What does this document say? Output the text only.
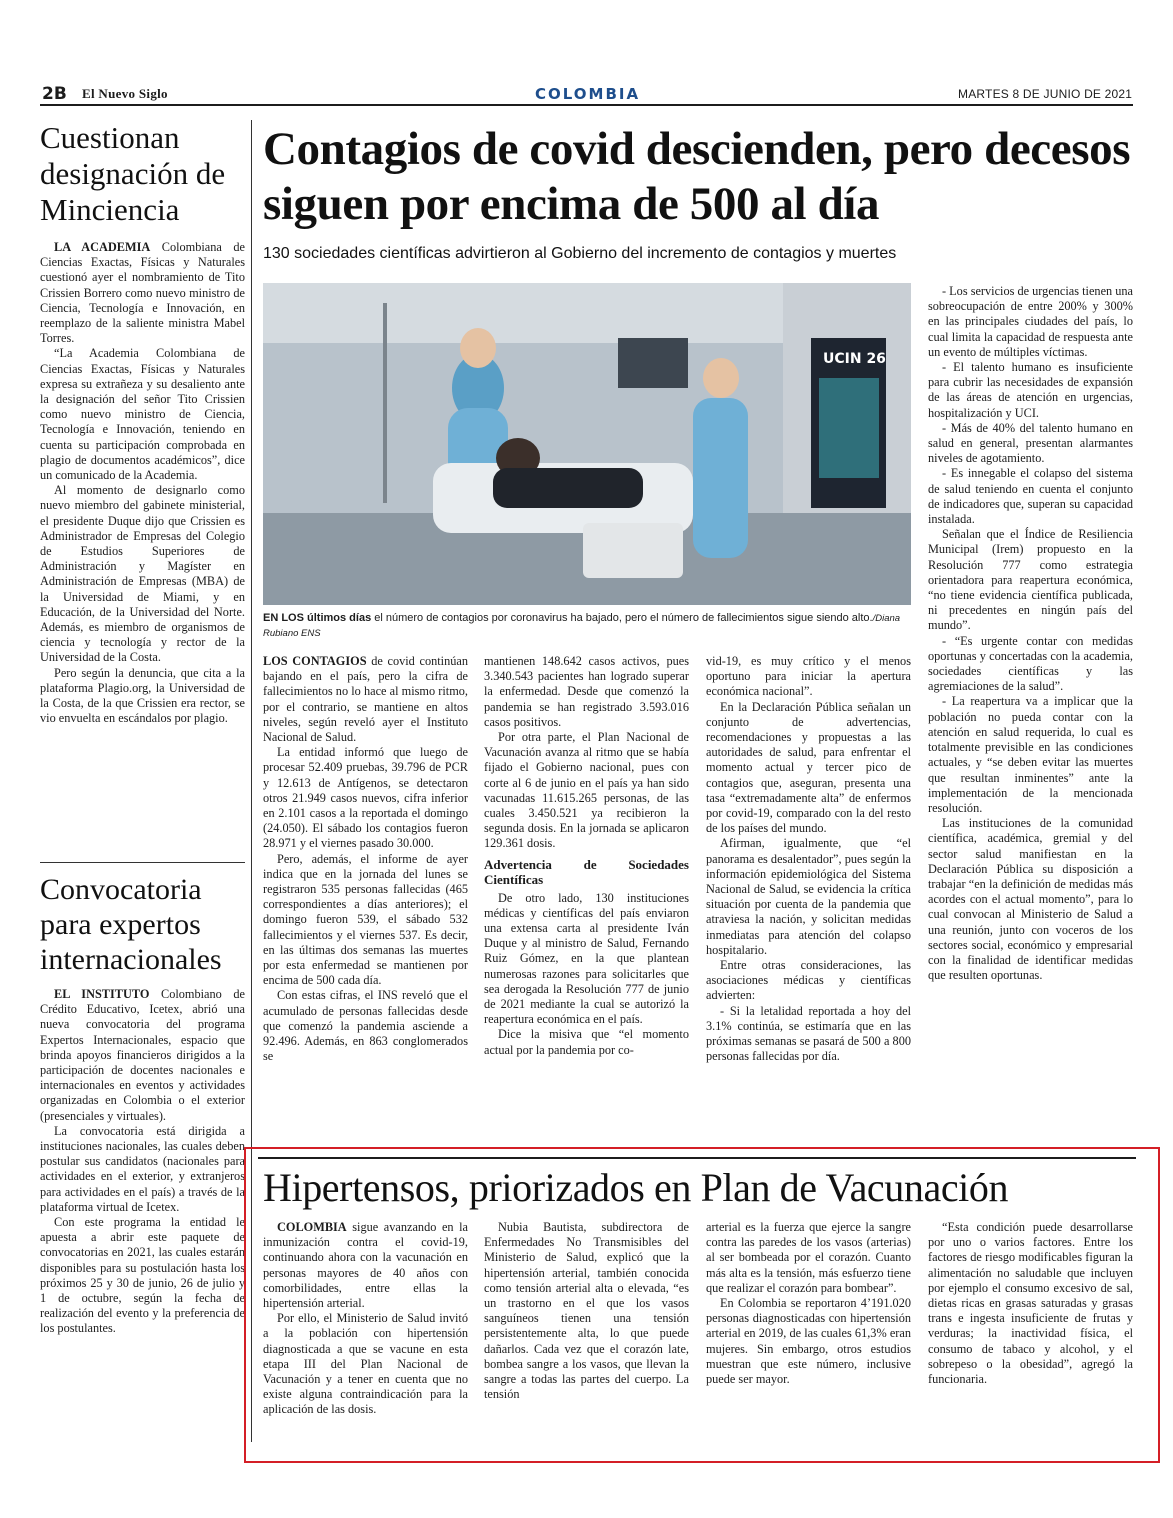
2B El Nuevo Siglo	COLOMBIA	MARTES 8 DE JUNIO DE 2021
Cuestionan designación de Minciencia

LA ACADEMIA Colombiana de Ciencias Exactas, Físicas y Naturales cuestionó ayer el nombramiento de Tito Crissien Borrero como nuevo ministro de Ciencia, Tecnología e Innovación, en reemplazo de la saliente ministra Mabel Torres.

“La Academia Colombiana de Ciencias Exactas, Físicas y Naturales expresa su extrañeza y su desaliento ante la designación del señor Tito Crissien como nuevo ministro de Ciencia, Tecnología e Innovación, teniendo en cuenta su participación comprobada en plagio de documentos académicos”, dice un comunicado de la Academia.

Al momento de designarlo como nuevo miembro del gabinete ministerial, el presidente Duque dijo que Crissien es Administrador de Empresas del Colegio de Estudios Superiores de Administración y Magíster en Administración de Empresas (MBA) de la Universidad de Miami, y en Educación, de la Universidad del Norte. Además, es miembro de organismos de ciencia y tecnología y rector de la Universidad de la Costa.

Pero según la denuncia, que cita a la plataforma Plagio.org, la Universidad de la Costa, de la que Crissien era rector, se vio envuelta en escándalos por plagio.

Convocatoria para expertos internacionales

EL INSTITUTO Colombiano de Crédito Educativo, Icetex, abrió una nueva convocatoria del programa Expertos Internacionales, espacio que brinda apoyos financieros dirigidos a la participación de docentes nacionales e internacionales en eventos y actividades organizadas en Colombia o el exterior (presenciales y virtuales).

La convocatoria está dirigida a instituciones nacionales, las cuales deben postular sus candidatos (nacionales para actividades en el exterior, y extranjeros para actividades en el país) a través de la plataforma virtual de Icetex.

Con este programa la entidad le apuesta a abrir este paquete de convocatorias en 2021, las cuales estarán disponibles para su postulación hasta los próximos 25 y 30 de junio, 26 de julio y 1 de octubre, según la fecha de realización del evento y la preferencia de los postulantes.

Contagios de covid descienden, pero decesos siguen por encima de 500 al día
130 sociedades científicas advirtieron al Gobierno del incremento de contagios y muertes
UCIN 26
EN LOS últimos días el número de contagios por coronavirus ha bajado, pero el número de fallecimientos sigue siendo alto./Diana Rubiano ENS

LOS CONTAGIOS de covid continúan bajando en el país, pero la cifra de fallecimientos no lo hace al mismo ritmo, por el contrario, se mantiene en altos niveles, según reveló ayer el Instituto Nacional de Salud.

La entidad informó que luego de procesar 52.409 pruebas, 39.796 de PCR y 12.613 de Antígenos, se detectaron otros 21.949 casos nuevos, cifra inferior en 2.101 casos a la reportada el domingo (24.050). El sábado los contagios fueron 28.971 y el viernes pasado 30.000.

Pero, además, el informe de ayer indica que en la jornada del lunes se registraron 535 personas fallecidas (465 correspondientes a días anteriores); el domingo fueron 539, el sábado 532 fallecimientos y el viernes 537. Es decir, en las últimas dos semanas las muertes por esta enfermedad se mantienen por encima de 500 cada día.

Con estas cifras, el INS reveló que el acumulado de personas fallecidas desde que comenzó la pandemia asciende a 92.496. Además, en 863 conglomerados se

mantienen 148.642 casos activos, pues 3.340.543 pacientes han logrado superar la enfermedad. Desde que comenzó la pandemia se han registrado 3.593.016 casos positivos.

Por otra parte, el Plan Nacional de Vacunación avanza al ritmo que se había fijado el Gobierno nacional, pues con corte al 6 de junio en el país ya han sido vacunadas 11.615.265 personas, de las cuales 3.450.521 ya recibieron la segunda dosis. En la jornada se aplicaron 129.361 dosis.

Advertencia de Sociedades Científicas

De otro lado, 130 instituciones médicas y científicas del país enviaron una extensa carta al presidente Iván Duque y al ministro de Salud, Fernando Ruiz Gómez, en la que plantean numerosas razones para solicitarles que sea derogada la Resolución 777 de junio de 2021 mediante la cual se autorizó la reapertura económica en el país.

Dice la misiva que “el momento actual por la pandemia por co-

vid-19, es muy crítico y el menos oportuno para iniciar la apertura económica nacional”.

En la Declaración Pública señalan un conjunto de advertencias, recomendaciones y propuestas a las autoridades de salud, para enfrentar el momento actual y tercer pico de contagios que, aseguran, presenta una tasa “extremadamente alta” de enfermos por covid-19, comparado con la del resto de los países del mundo.

Afirman, igualmente, que “el panorama es desalentador”, pues según la información epidemiológica del Sistema Nacional de Salud, se evidencia la crítica situación por cuenta de la pandemia que atraviesa la nación, y solicitan medidas inmediatas para atención del colapso hospitalario.

Entre otras consideraciones, las asociaciones médicas y científicas advierten:

- Si la letalidad reportada a hoy del 3.1% continúa, se estimaría que en las próximas semanas se pasará de 500 a 800 personas fallecidas por día.

- Los servicios de urgencias tienen una sobreocupación de entre 200% y 300% en las principales ciudades del país, lo cual limita la capacidad de respuesta ante un evento de múltiples víctimas.

- El talento humano es insuficiente para cubrir las necesidades de expansión de las áreas de atención en urgencias, hospitalización y UCI.

- Más de 40% del talento humano en salud en general, presentan alarmantes niveles de agotamiento.

- Es innegable el colapso del sistema de salud teniendo en cuenta el conjunto de indicadores que, superan su capacidad instalada.

Señalan que el Índice de Resiliencia Municipal (Irem) propuesto en la Resolución 777 como estrategia orientadora para reapertura económica, “no tiene evidencia científica publicada, ni precedentes en ningún país del mundo”.

- “Es urgente contar con medidas oportunas y concertadas con la academia, sociedades científicas y las agremiaciones de la salud”.

- La reapertura va a implicar que la población no pueda contar con la atención en salud requerida, lo cual es totalmente previsible en las condiciones actuales, y “se deben evitar las muertes que resultan inminentes” ante la implementación de la mencionada resolución.

Las instituciones de la comunidad científica, académica, gremial y del sector salud manifiestan en la Declaración Pública su disposición a trabajar “en la definición de medidas más acordes con el actual momento”, para lo cual convocan al Ministerio de Salud a una reunión, junto con voceros de los sectores social, económico y empresarial con la finalidad de identificar medidas que resulten oportunas.

Hipertensos, priorizados en Plan de Vacunación

COLOMBIA sigue avanzando en la inmunización contra el covid-19, continuando ahora con la vacunación en personas mayores de 40 años con comorbilidades, entre ellas la hipertensión arterial.

Por ello, el Ministerio de Salud invitó a la población con hipertensión diagnosticada a que se vacune en esta etapa III del Plan Nacional de Vacunación y a tener en cuenta que no existe alguna contraindicación para la aplicación de las dosis.

Nubia Bautista, subdirectora de Enfermedades No Transmisibles del Ministerio de Salud, explicó que la hipertensión arterial, también conocida como tensión arterial alta o elevada, “es un trastorno en el que los vasos sanguíneos tienen una tensión persistentemente alta, lo que puede dañarlos. Cada vez que el corazón late, bombea sangre a los vasos, que llevan la sangre a todas las partes del cuerpo. La tensión

arterial es la fuerza que ejerce la sangre contra las paredes de los vasos (arterias) al ser bombeada por el corazón. Cuanto más alta es la tensión, más esfuerzo tiene que realizar el corazón para bombear”.

En Colombia se reportaron 4’191.020 personas diagnosticadas con hipertensión arterial en 2019, de las cuales 61,3% eran mujeres. Sin embargo, otros estudios muestran que este número, inclusive puede ser mayor.

“Esta condición puede desarrollarse por uno o varios factores. Entre los factores de riesgo modificables figuran la alimentación no saludable que incluyen por ejemplo el consumo excesivo de sal, dietas ricas en grasas saturadas y grasas trans e ingesta insuficiente de frutas y verduras; la inactividad física, el consumo de tabaco y alcohol, y el sobrepeso o la obesidad”, agregó la funcionaria.
